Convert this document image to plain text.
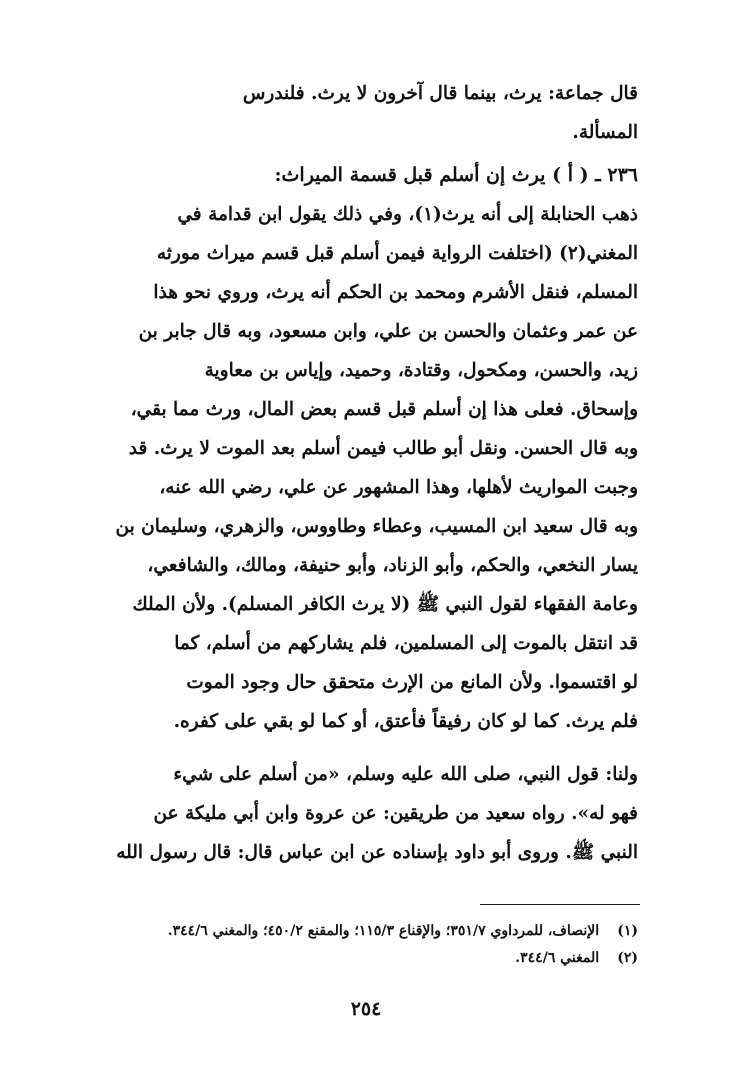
قال جماعة: يرث، بينما قال آخرون لا يرث. فلندرس
المسألة.
٢٣٦ ـ ( أ ) يرث إن أسلم قبل قسمة الميراث:
ذهب الحنابلة إلى أنه يرث(١)، وفي ذلك يقول ابن قدامة في
المغني(٢) (اختلفت الرواية فيمن أسلم قبل قسم ميراث مورثه
المسلم، فنقل الأشرم ومحمد بن الحكم أنه يرث، وروي نحو هذا
عن عمر وعثمان والحسن بن علي، وابن مسعود، وبه قال جابر بن
زيد، والحسن، ومكحول، وقتادة، وحميد، وإياس بن معاوية
وإسحاق. فعلى هذا إن أسلم قبل قسم بعض المال، ورث مما بقي،
وبه قال الحسن. ونقل أبو طالب فيمن أسلم بعد الموت لا يرث. قد
وجبت المواريث لأهلها، وهذا المشهور عن علي، رضي الله عنه،
وبه قال سعيد ابن المسيب، وعطاء وطاووس، والزهري، وسليمان بن
يسار النخعي، والحكم، وأبو الزناد، وأبو حنيفة، ومالك، والشافعي،
وعامة الفقهاء لقول النبي ﷺ (لا يرث الكافر المسلم). ولأن الملك
قد انتقل بالموت إلى المسلمين، فلم يشاركهم من أسلم، كما
لو اقتسموا. ولأن المانع من الإرث متحقق حال وجود الموت
فلم يرث. كما لو كان رفيقاً فأعتق، أو كما لو بقي على كفره.
ولنا: قول النبي، صلى الله عليه وسلم، «من أسلم على شيء
فهو له». رواه سعيد من طريقين: عن عروة وابن أبي مليكة عن
النبي ﷺ. وروى أبو داود بإسناده عن ابن عباس قال: قال رسول الله
(١) الإنصاف، للمرداوي ٣٥١/٧؛ والإقناع ١١٥/٣؛ والمقنع ٤٥٠/٢؛ والمغني ٣٤٤/٦.
(٢) المغني ٣٤٤/٦.
٢٥٤
